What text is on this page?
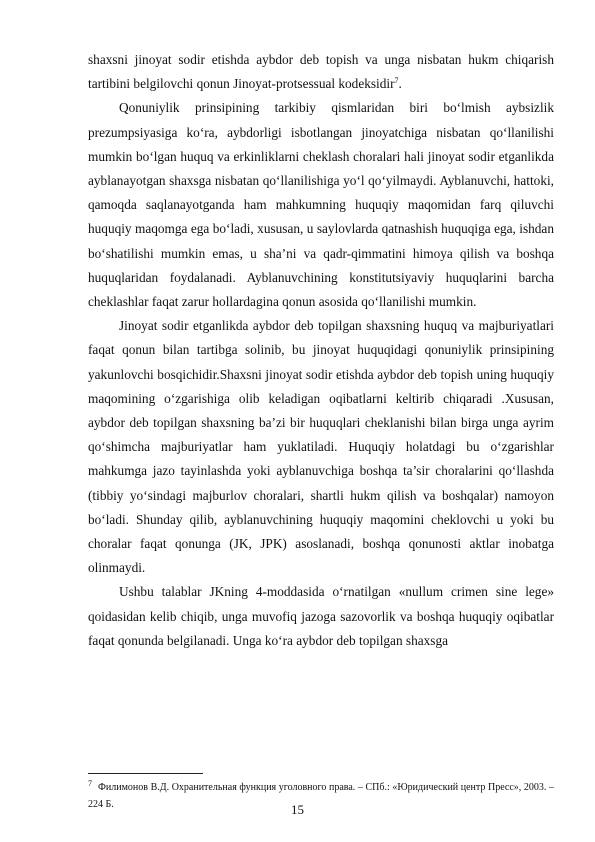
shaxsni jinoyat sodir etishda aybdor deb topish va unga nisbatan hukm chiqarish tartibini belgilovchi qonun Jinoyat-protsessual kodeksidir$^7$.

Qonuniylik prinsipining tarkibiy qismlaridan biri bo‘lmish aybsizlik prezumpsiyasiga ko‘ra, aybdorligi isbotlangan jinoyatchiga nisbatan qo‘llanilishi mumkin bo‘lgan huquq va erkinliklarni cheklash choralari hali jinoyat sodir etganlikda ayblanayotgan shaxsga nisbatan qo‘llanilishiga yo‘l qo‘yilmaydi. Ayblanuvchi, hattoki, qamoqda saqlanayotganda ham mahkumning huquqiy maqomidan farq qiluvchi huquqiy maqomga ega bo‘ladi, xususan, u saylovlarda qatnashish huquqiga ega, ishdan bo‘shatilishi mumkin emas, u sha’ni va qadr-qimmatini himoya qilish va boshqa huquqlaridan foydalanadi. Ayblanuvchining konstitutsiyaviy huquqlarini barcha cheklashlar faqat zarur hollardagina qonun asosida qo‘llanilishi mumkin.

Jinoyat sodir etganlikda aybdor deb topilgan shaxsning huquq va majburiyatlari faqat qonun bilan tartibga solinib, bu jinoyat huquqidagi qonuniylik prinsipining yakunlovchi bosqichidir.Shaxsni jinoyat sodir etishda aybdor deb topish uning huquqiy maqomining o‘zgarishiga olib keladigan oqibatlarni keltirib chiqaradi .Xususan, aybdor deb topilgan shaxsning ba’zi bir huquqlari cheklanishi bilan birga unga ayrim qo‘shimcha majburiyatlar ham yuklatiladi. Huquqiy holatdagi bu o‘zgarishlar mahkumga jazo tayinlashda yoki ayblanuvchiga boshqa ta’sir choralarini qo‘llashda (tibbiy yo‘sindagi majburlov choralari, shartli hukm qilish va boshqalar) namoyon bo‘ladi. Shunday qilib, ayblanuvchining huquqiy maqomini cheklovchi u yoki bu choralar faqat qonunga (JK, JPK) asoslanadi, boshqa qonunosti aktlar inobatga olinmaydi.

Ushbu talablar JKning 4-moddasida o‘rnatilgan «nullum crimen sine lege» qoidasidan kelib chiqib, unga muvofiq jazoga sazovorlik va boshqa huquqiy oqibatlar faqat qonunda belgilanadi. Unga ko‘ra aybdor deb topilgan shaxsga

$^7$ Филимонов В.Д. Охранительная функция уголовного права. – СПб.: «Юридический центр Пресс», 2003. – 224 Б.	15
